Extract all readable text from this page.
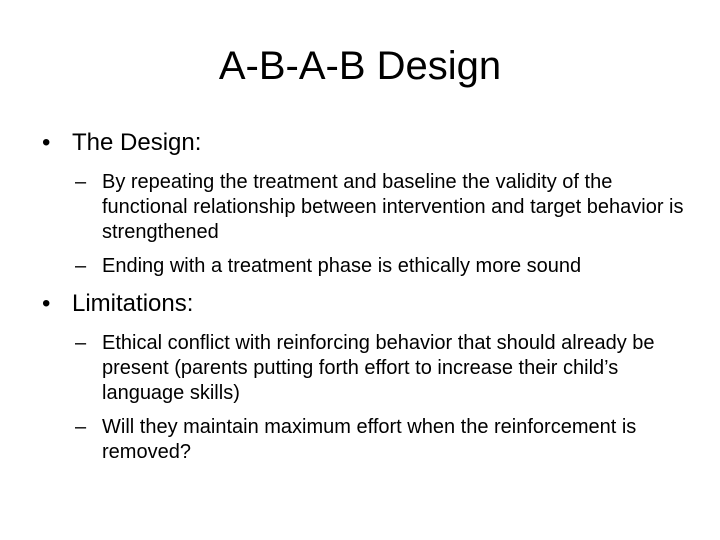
A-B-A-B Design
• The Design:
– By repeating the treatment and baseline the validity of the functional relationship between intervention and target behavior is strengthened
– Ending with a treatment phase is ethically more sound
• Limitations:
– Ethical conflict with reinforcing behavior that should already be present (parents putting forth effort to increase their child’s language skills)
– Will they maintain maximum effort when the reinforcement is removed?
